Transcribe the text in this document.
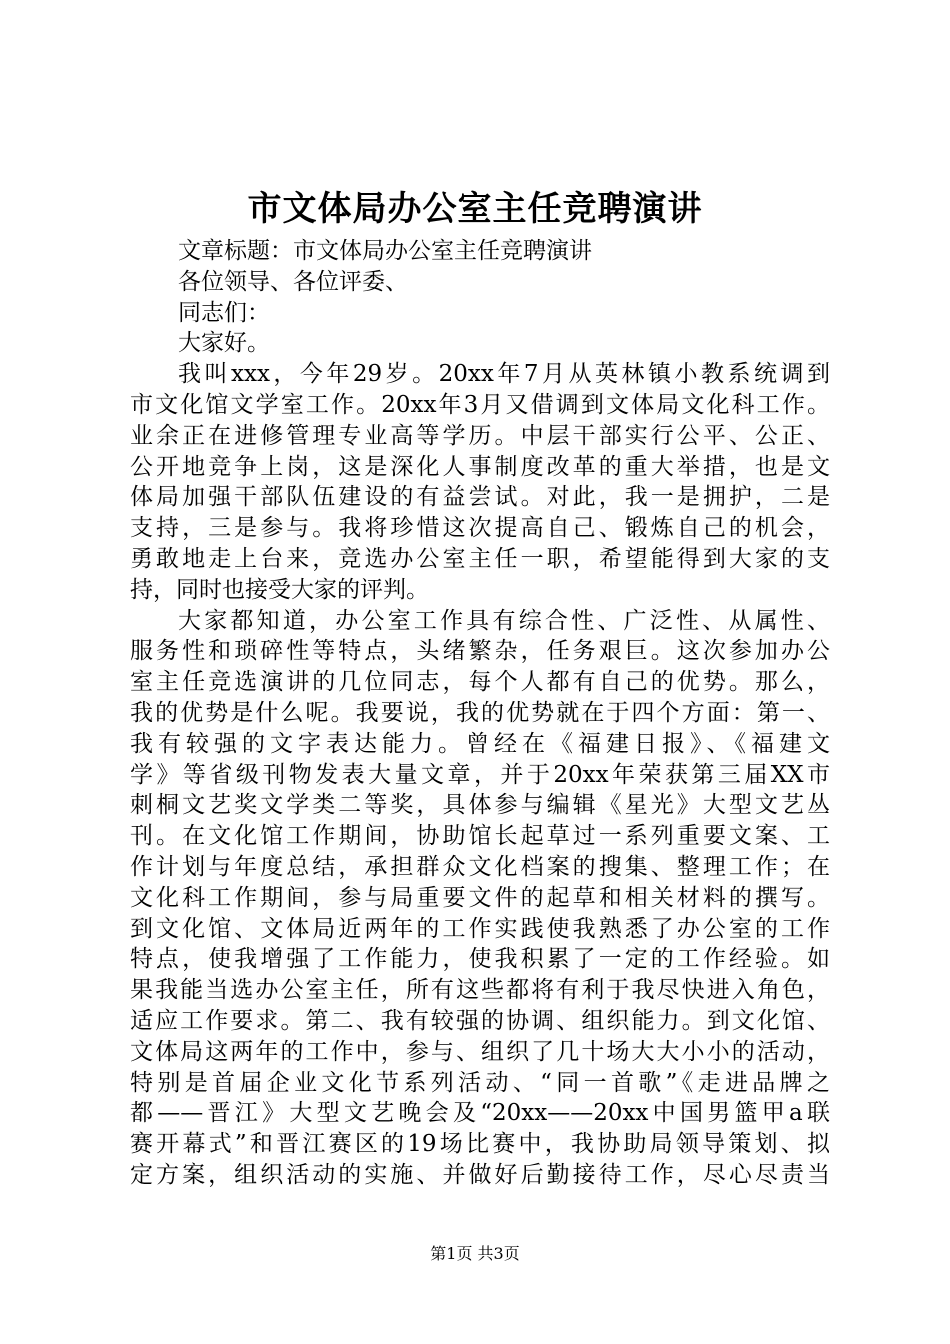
市文体局办公室主任竞聘演讲

文章标题：市文体局办公室主任竞聘演讲

各位领导、各位评委、

同志们：

大家好。

我叫xxx，今年29岁。20xx年7月从英林镇小教系统调到

市文化馆文学室工作。20xx年3月又借调到文体局文化科工作。

业余正在进修管理专业高等学历。中层干部实行公平、公正、

公开地竞争上岗，这是深化人事制度改革的重大举措，也是文

体局加强干部队伍建设的有益尝试。对此，我一是拥护，二是

支持，三是参与。我将珍惜这次提高自己、锻炼自己的机会，

勇敢地走上台来，竞选办公室主任一职，希望能得到大家的支

持，同时也接受大家的评判。

大家都知道，办公室工作具有综合性、广泛性、从属性、

服务性和琐碎性等特点，头绪繁杂，任务艰巨。这次参加办公

室主任竞选演讲的几位同志，每个人都有自己的优势。那么，

我的优势是什么呢。我要说，我的优势就在于四个方面：第一、

我有较强的文字表达能力。曾经在《福建日报》、《福建文

学》等省级刊物发表大量文章，并于20xx年荣获第三届XX市

刺桐文艺奖文学类二等奖，具体参与编辑《星光》大型文艺丛

刊。在文化馆工作期间，协助馆长起草过一系列重要文案、工

作计划与年度总结，承担群众文化档案的搜集、整理工作；在

文化科工作期间，参与局重要文件的起草和相关材料的撰写。

到文化馆、文体局近两年的工作实践使我熟悉了办公室的工作

特点，使我增强了工作能力，使我积累了一定的工作经验。如

果我能当选办公室主任，所有这些都将有利于我尽快进入角色，

适应工作要求。第二、我有较强的协调、组织能力。到文化馆、

文体局这两年的工作中，参与、组织了几十场大大小小的活动，

特别是首届企业文化节系列活动、“同一首歌”《走进品牌之

都——晋江》大型文艺晚会及“20xx——20xx中国男篮甲a联

赛开幕式”和晋江赛区的19场比赛中，我协助局领导策划、拟

定方案，组织活动的实施、并做好后勤接待工作，尽心尽责当

第1页 共3页
